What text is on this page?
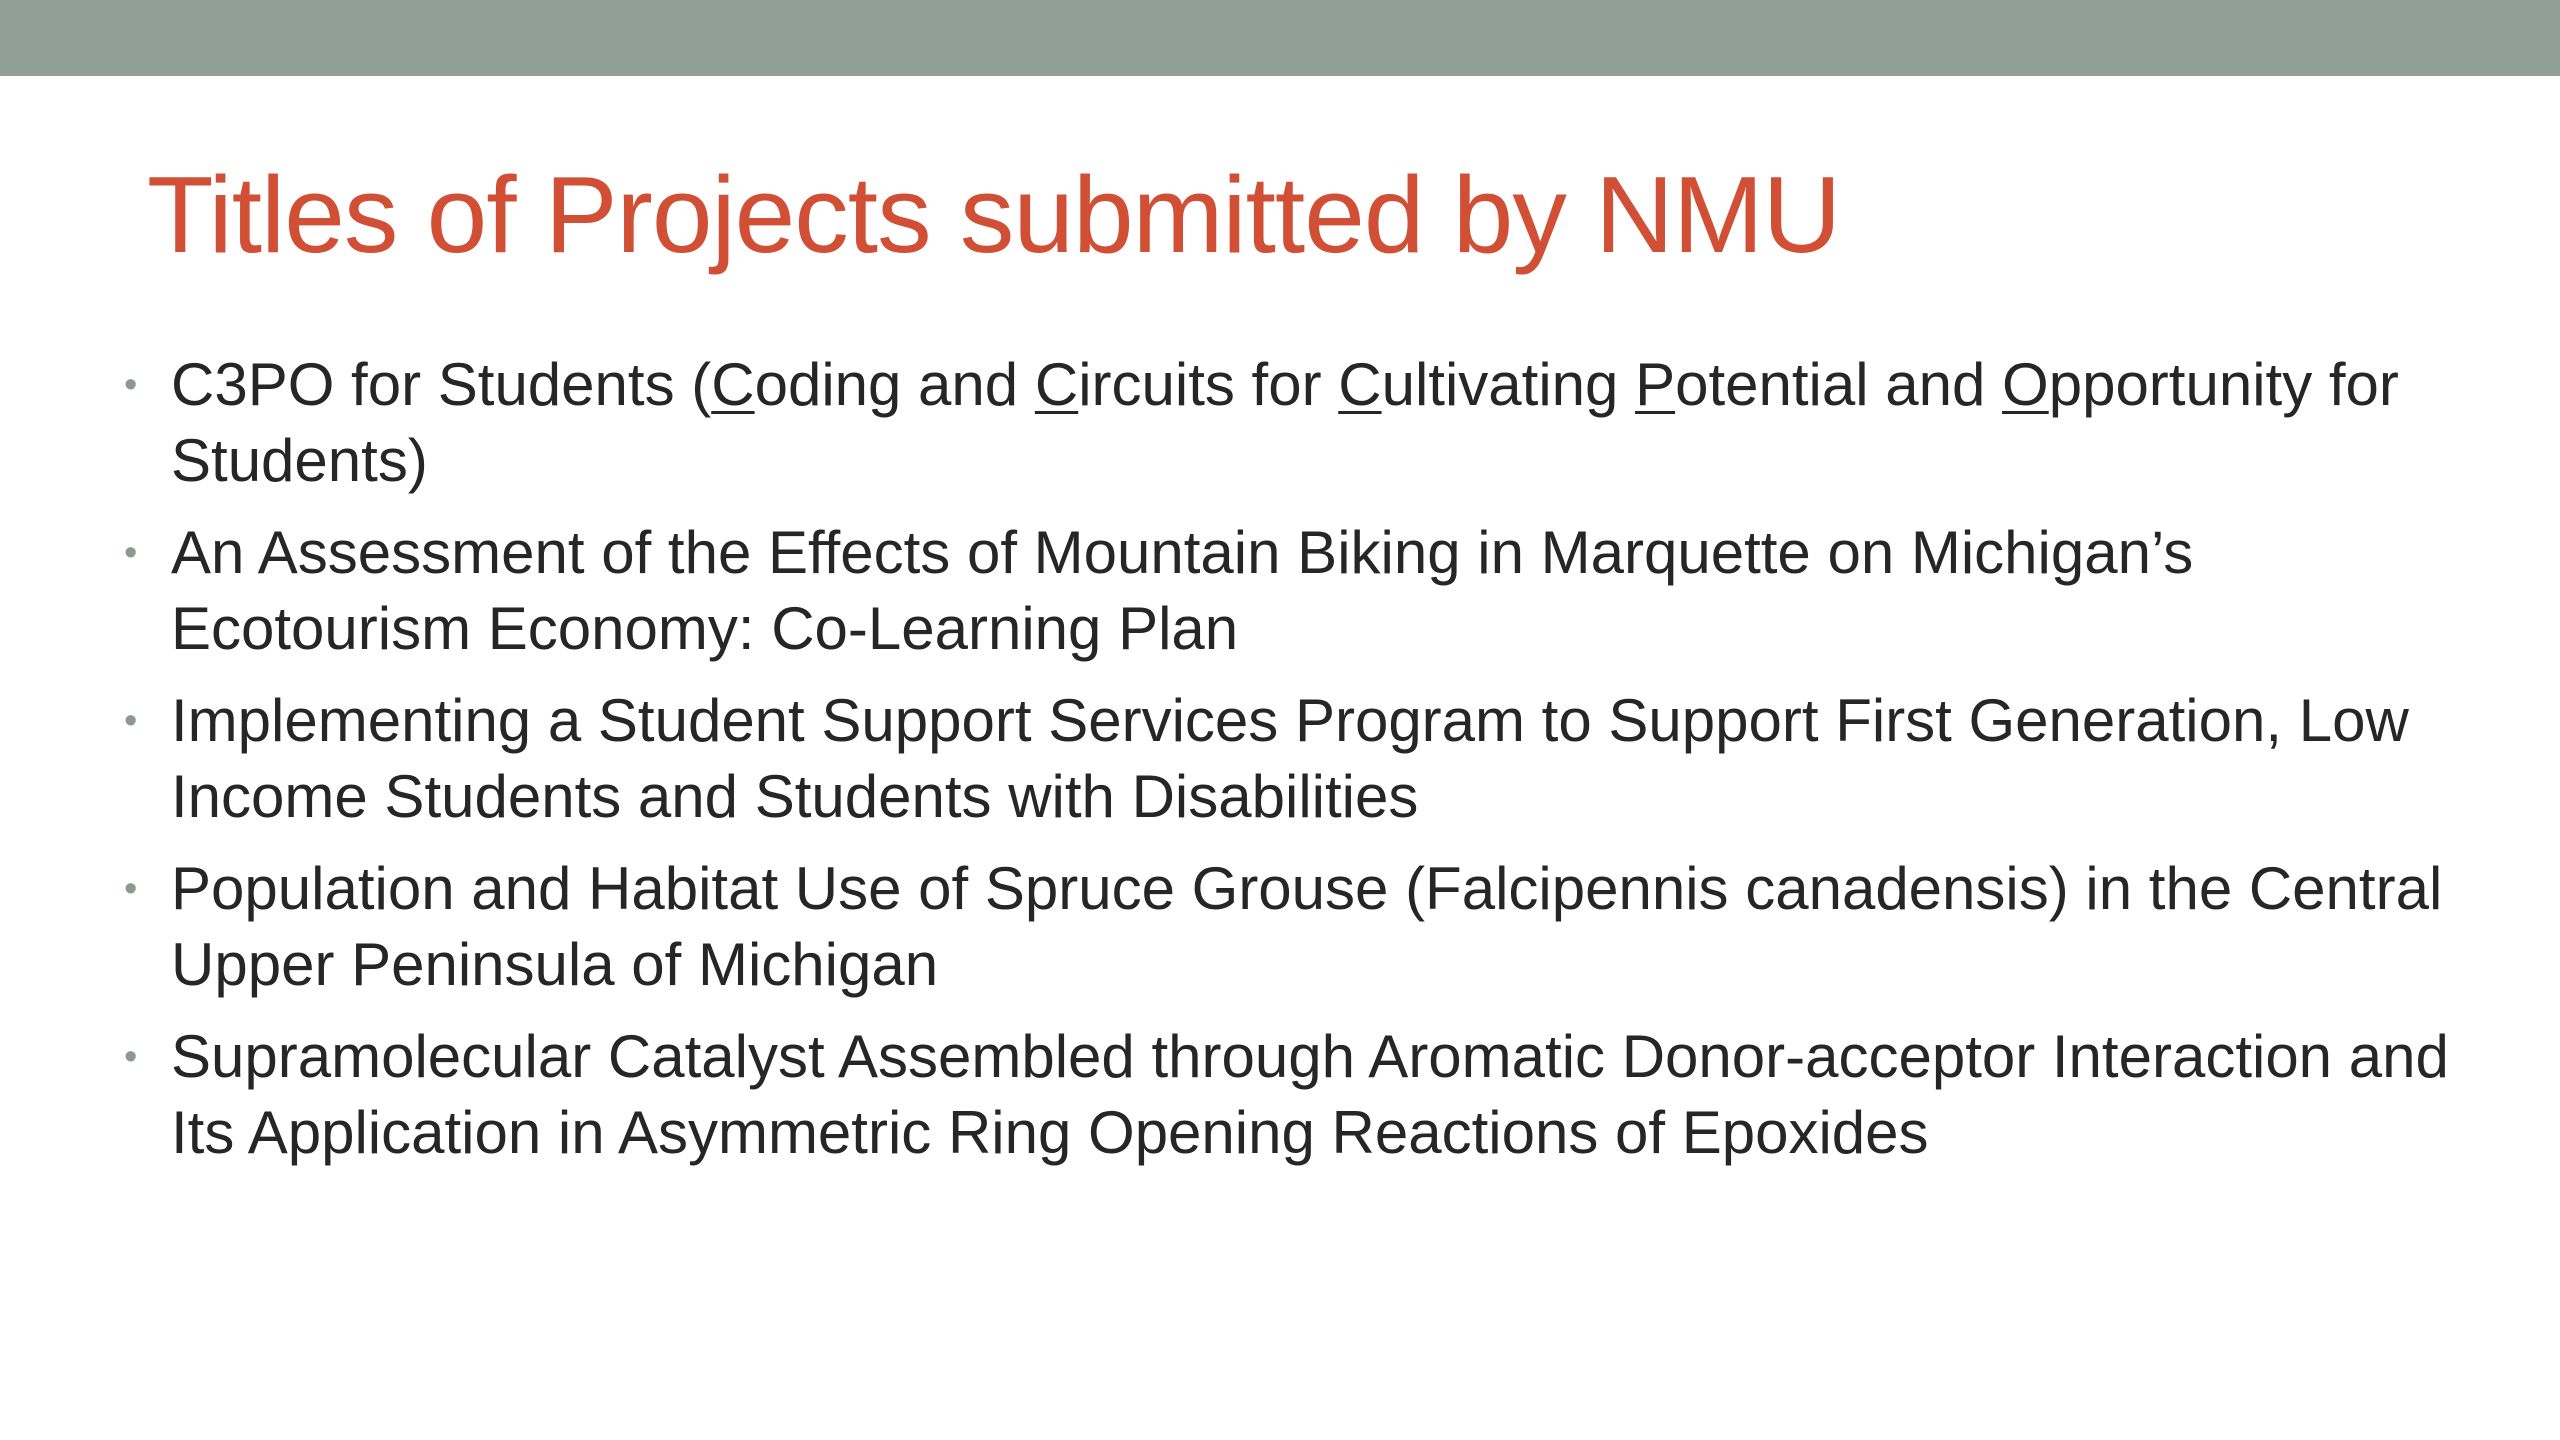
Titles of Projects submitted by NMU
• C3PO for Students (Coding and Circuits for Cultivating Potential and Opportunity for Students)
• An Assessment of the Effects of Mountain Biking in Marquette on Michigan’s Ecotourism Economy: Co-Learning Plan
• Implementing a Student Support Services Program to Support First Generation, Low Income Students and Students with Disabilities
• Population and Habitat Use of Spruce Grouse (Falcipennis canadensis) in the Central Upper Peninsula of Michigan
• Supramolecular Catalyst Assembled through Aromatic Donor-acceptor Interaction and Its Application in Asymmetric Ring Opening Reactions of Epoxides
